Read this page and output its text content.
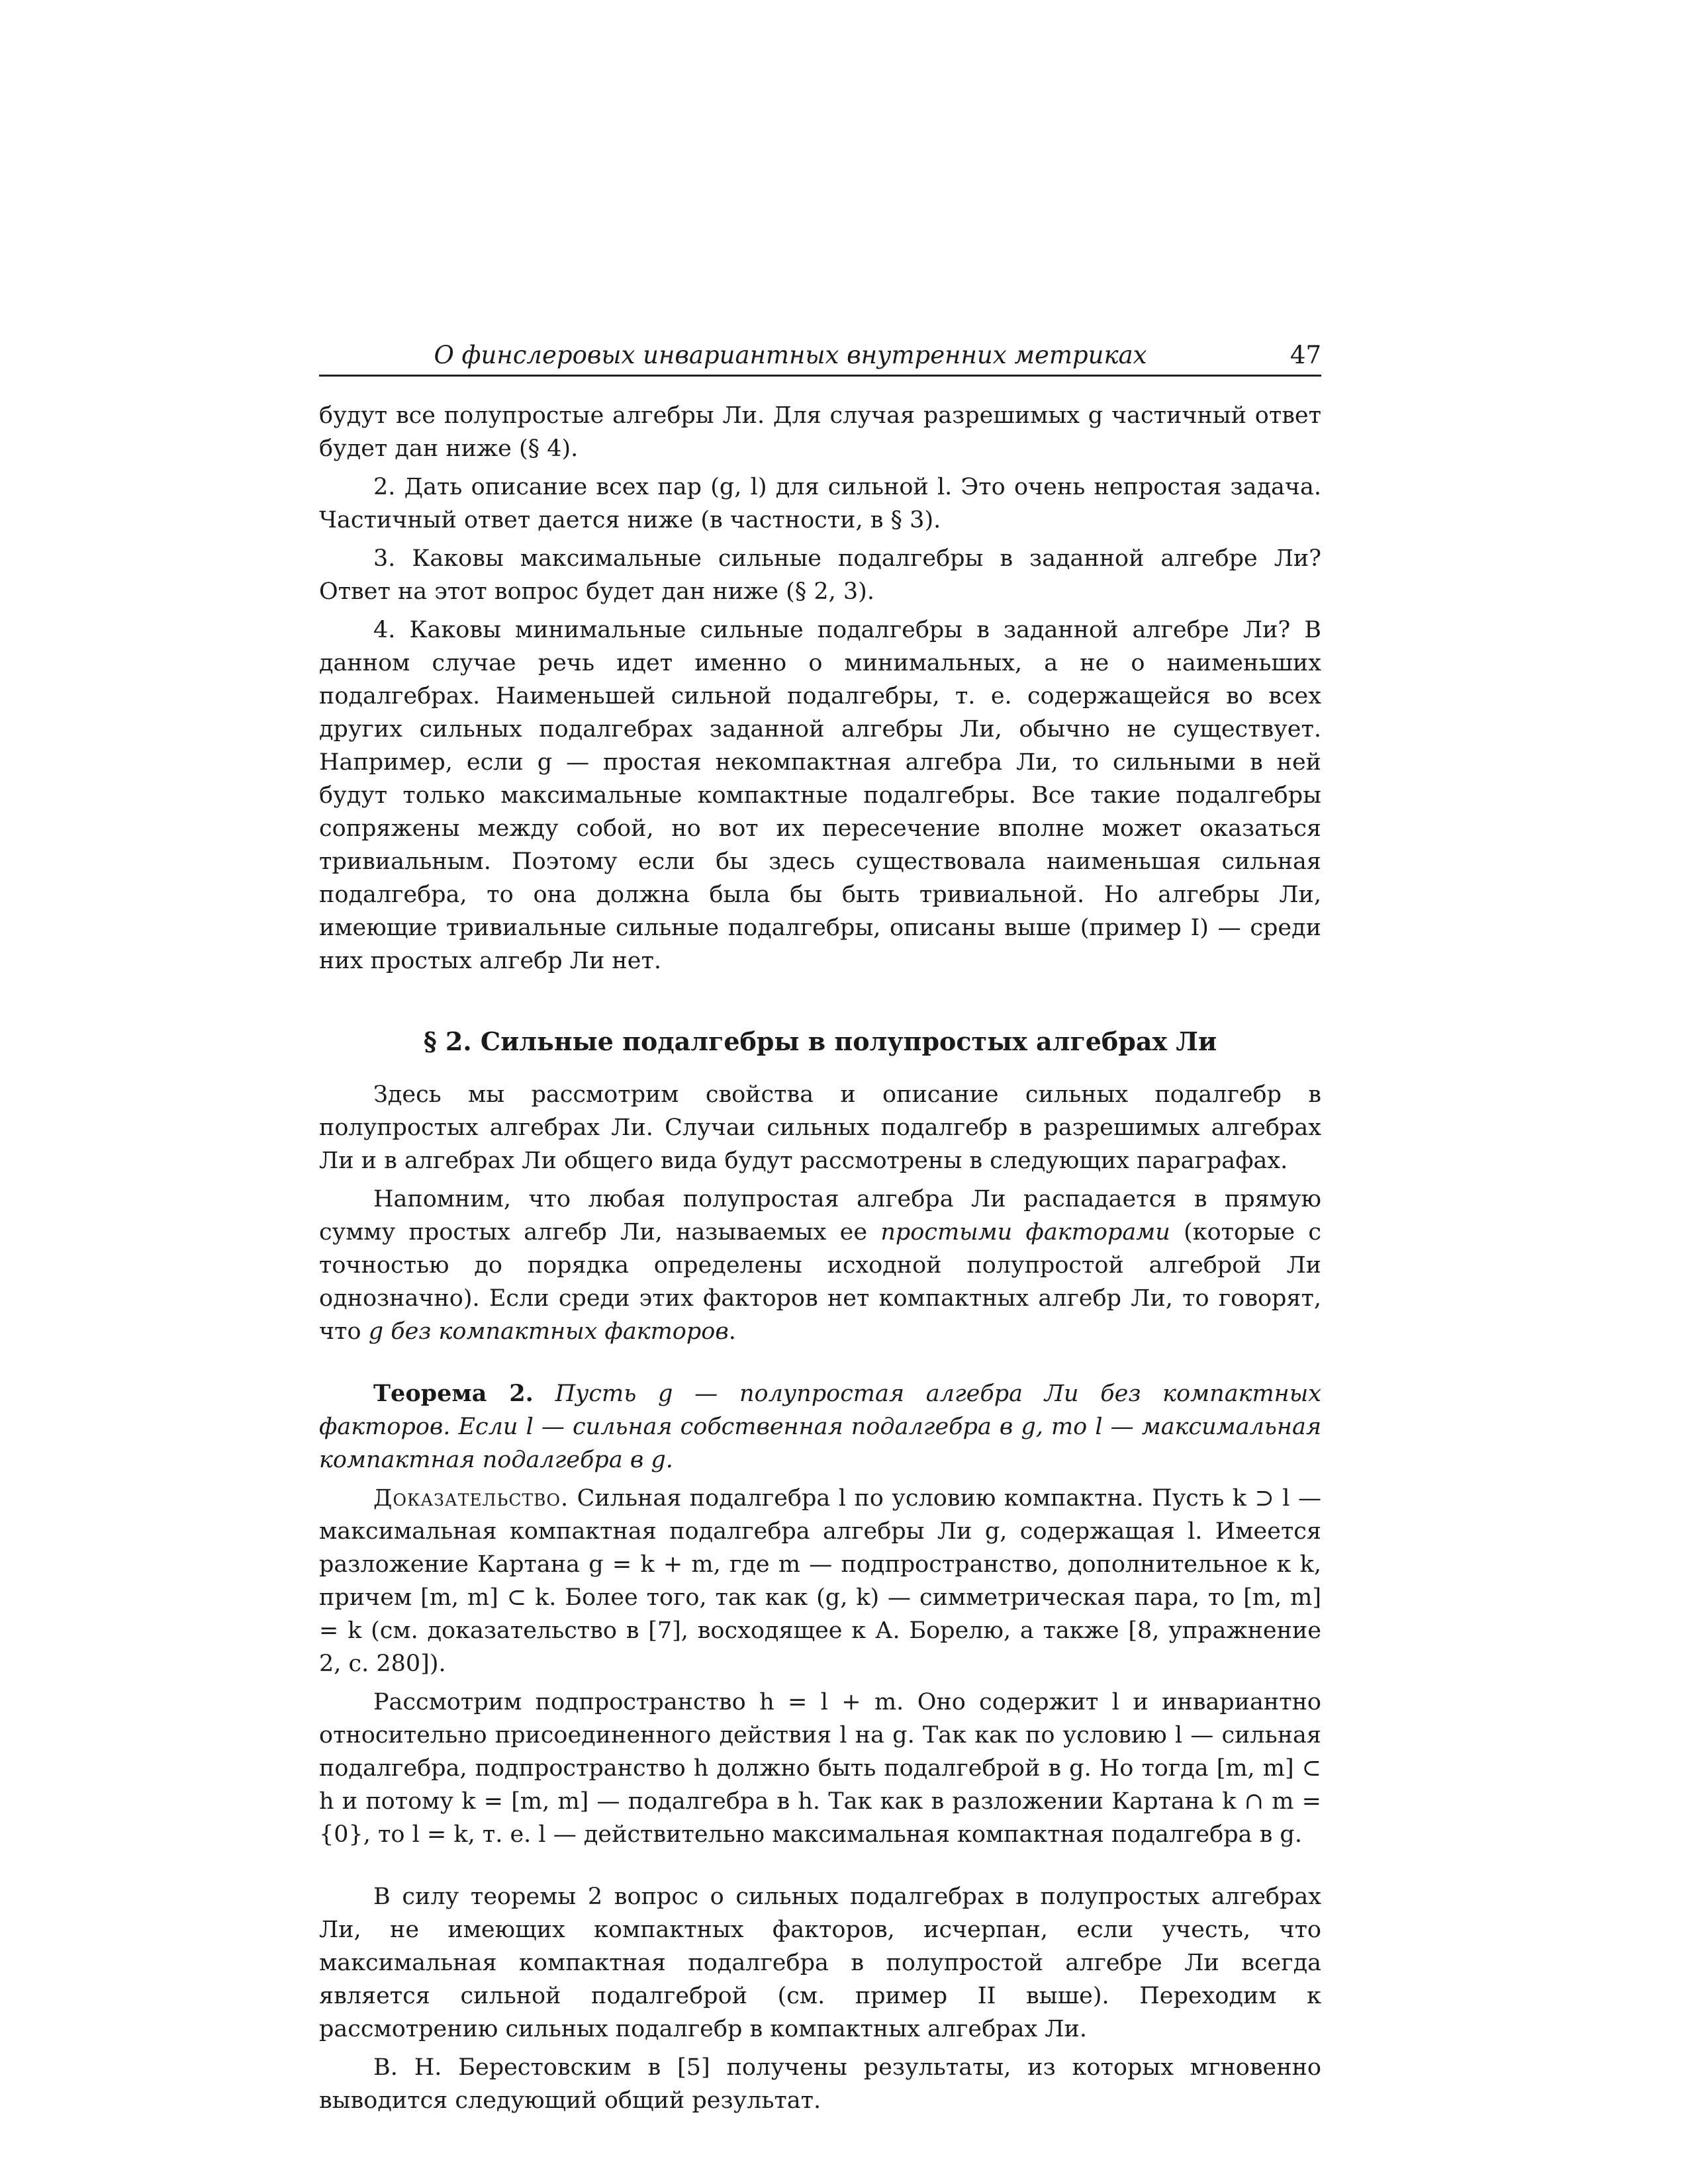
О финслеровых инвариантных внутренних метриках	47

будут все полупростые алгебры Ли. Для случая разрешимых g частичный ответ будет дан ниже (§ 4).

2. Дать описание всех пар (g, l) для сильной l. Это очень непростая задача. Частичный ответ дается ниже (в частности, в § 3).

3. Каковы максимальные сильные подалгебры в заданной алгебре Ли? Ответ на этот вопрос будет дан ниже (§ 2, 3).

4. Каковы минимальные сильные подалгебры в заданной алгебре Ли? В данном случае речь идет именно о минимальных, а не о наименьших подалгебрах. Наименьшей сильной подалгебры, т. е. содержащейся во всех других сильных подалгебрах заданной алгебры Ли, обычно не существует. Например, если g — простая некомпактная алгебра Ли, то сильными в ней будут только максимальные компактные подалгебры. Все такие подалгебры сопряжены между собой, но вот их пересечение вполне может оказаться тривиальным. Поэтому если бы здесь существовала наименьшая сильная подалгебра, то она должна была бы быть тривиальной. Но алгебры Ли, имеющие тривиальные сильные подалгебры, описаны выше (пример I) — среди них простых алгебр Ли нет.

§ 2. Сильные подалгебры в полупростых алгебрах Ли

Здесь мы рассмотрим свойства и описание сильных подалгебр в полупростых алгебрах Ли. Случаи сильных подалгебр в разрешимых алгебрах Ли и в алгебрах Ли общего вида будут рассмотрены в следующих параграфах.

Напомним, что любая полупростая алгебра Ли распадается в прямую сумму простых алгебр Ли, называемых ее простыми факторами (которые с точностью до порядка определены исходной полупростой алгеброй Ли однозначно). Если среди этих факторов нет компактных алгебр Ли, то говорят, что g без компактных факторов.

Теорема 2. Пусть g — полупростая алгебра Ли без компактных факторов. Если l — сильная собственная подалгебра в g, то l — максимальная компактная подалгебра в g.

Доказательство. Сильная подалгебра l по условию компактна. Пусть k ⊃ l — максимальная компактная подалгебра алгебры Ли g, содержащая l. Имеется разложение Картана g = k + m, где m — подпространство, дополнительное к k, причем [m, m] ⊂ k. Более того, так как (g, k) — симметрическая пара, то [m, m] = k (см. доказательство в [7], восходящее к А. Борелю, а также [8, упражнение 2, с. 280]).

Рассмотрим подпространство h = l + m. Оно содержит l и инвариантно относительно присоединенного действия l на g. Так как по условию l — сильная подалгебра, подпространство h должно быть подалгеброй в g. Но тогда [m, m] ⊂ h и потому k = [m, m] — подалгебра в h. Так как в разложении Картана k ∩ m = {0}, то l = k, т. е. l — действительно максимальная компактная подалгебра в g.

В силу теоремы 2 вопрос о сильных подалгебрах в полупростых алгебрах Ли, не имеющих компактных факторов, исчерпан, если учесть, что максимальная компактная подалгебра в полупростой алгебре Ли всегда является сильной подалгеброй (см. пример II выше). Переходим к рассмотрению сильных подалгебр в компактных алгебрах Ли.

В. Н. Берестовским в [5] получены результаты, из которых мгновенно выводится следующий общий результат.
